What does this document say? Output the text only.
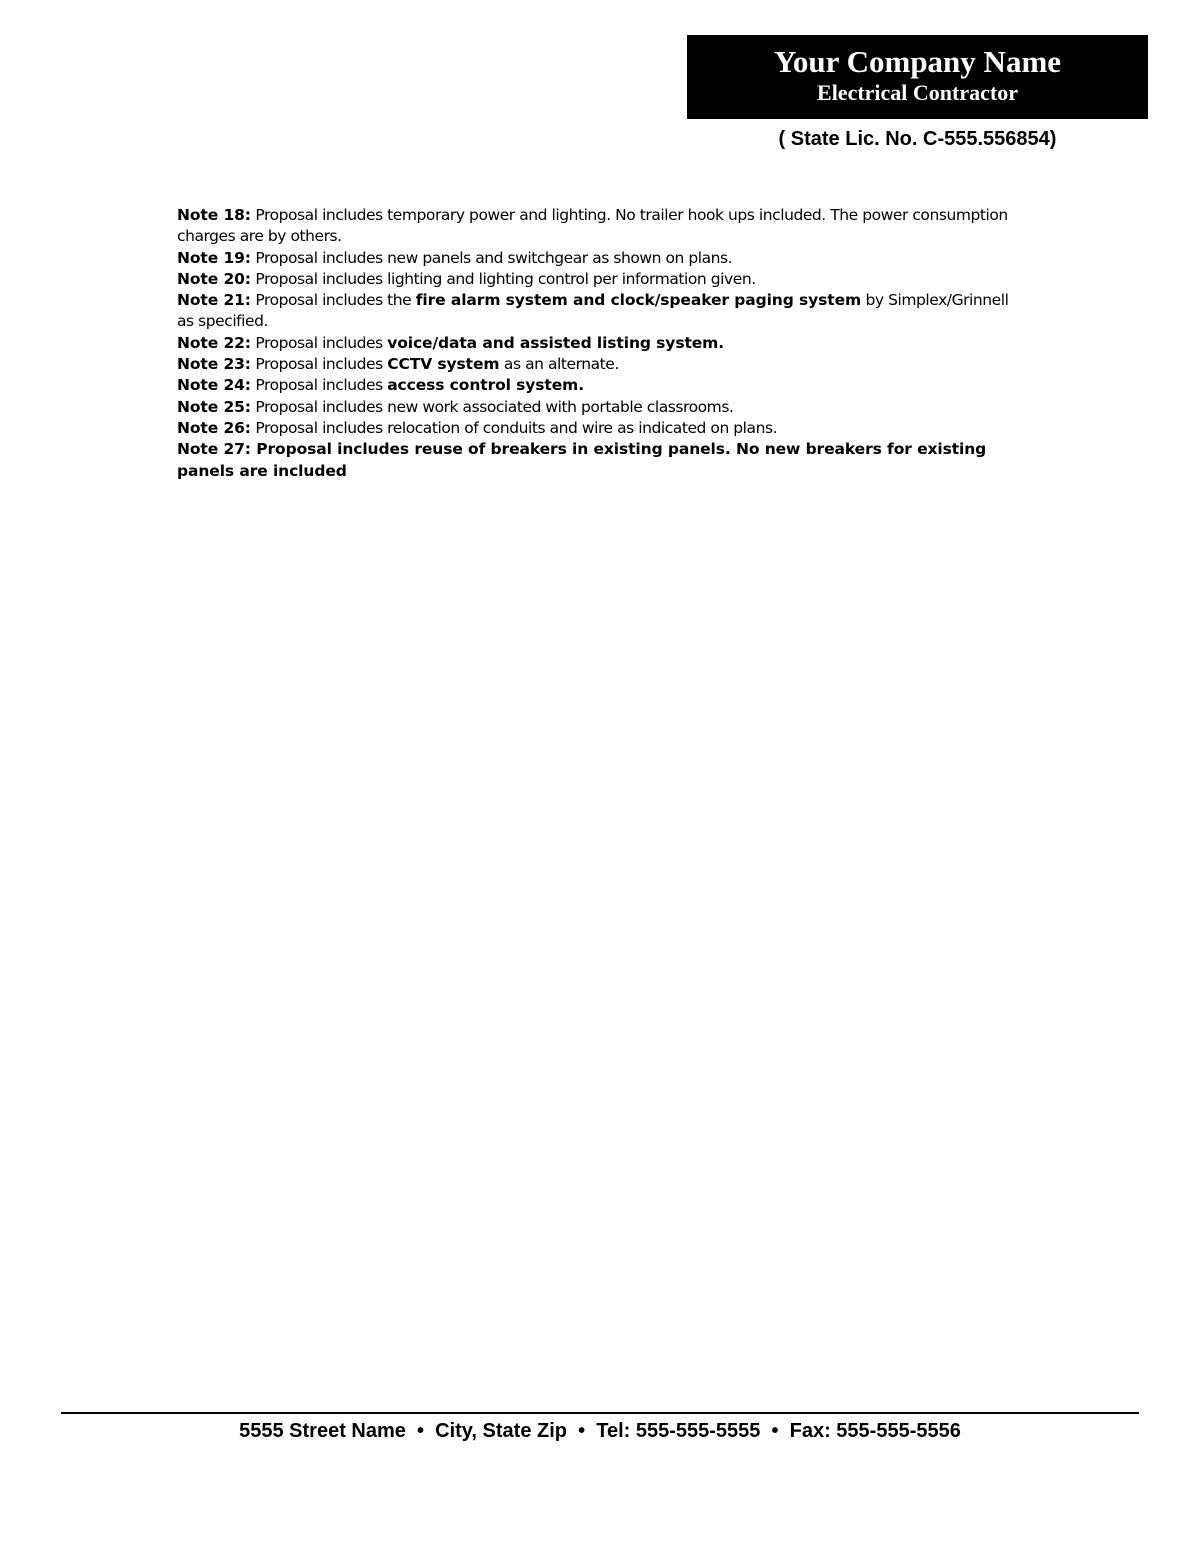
Your Company Name
Electrical Contractor
( State Lic. No. C-555.556854)

Note 18: Proposal includes temporary power and lighting. No trailer hook ups included. The power consumption charges are by others.

Note 19: Proposal includes new panels and switchgear as shown on plans.

Note 20: Proposal includes lighting and lighting control per information given.

Note 21: Proposal includes the fire alarm system and clock/speaker paging system by Simplex/Grinnell as specified.

Note 22: Proposal includes voice/data and assisted listing system.

Note 23: Proposal includes CCTV system as an alternate.

Note 24: Proposal includes access control system.

Note 25: Proposal includes new work associated with portable classrooms.

Note 26: Proposal includes relocation of conduits and wire as indicated on plans.

Note 27: Proposal includes reuse of breakers in existing panels. No new breakers for existing panels are included

5555 Street Name  •  City, State Zip  •  Tel: 555-555-5555  •  Fax: 555-555-5556
